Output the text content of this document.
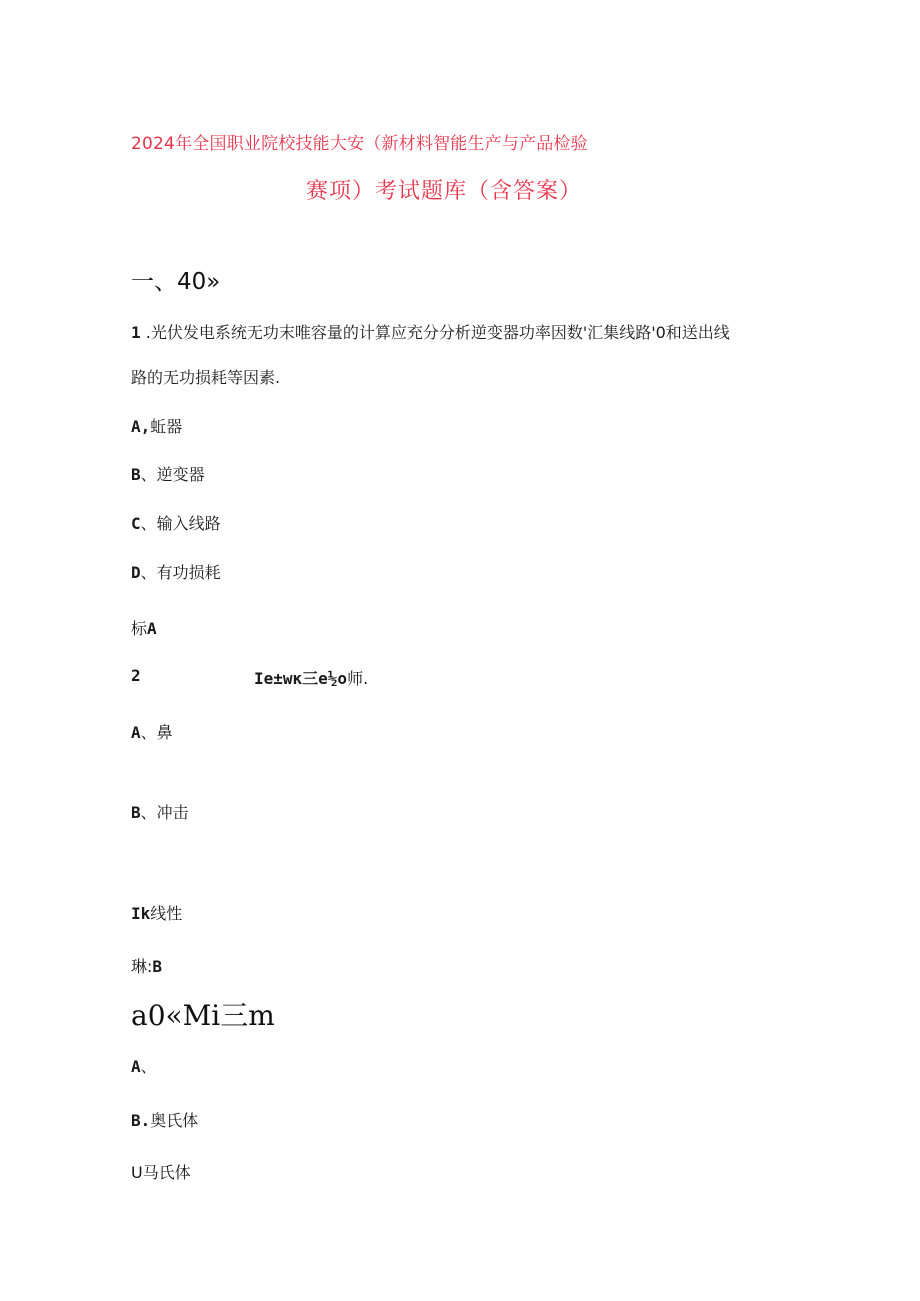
2024年全国职业院校技能大安（新材料智能生产与产品检验
赛项）考试题库（含答案）
一、40»
1 .光伏发电系统无功末唯容量的计算应充分分析逆变器功率因数'汇集线路'0和送出线
路的无功损耗等因素.
A,蚯器
B、逆变器
C、输入线路
D、有功损耗
标A
2	Ie±wκ三e½o师.
A、鼻
B、冲击
Ik线性
琳:B
a0«Mi三m
A、
B.奥氏体
U马氏体
